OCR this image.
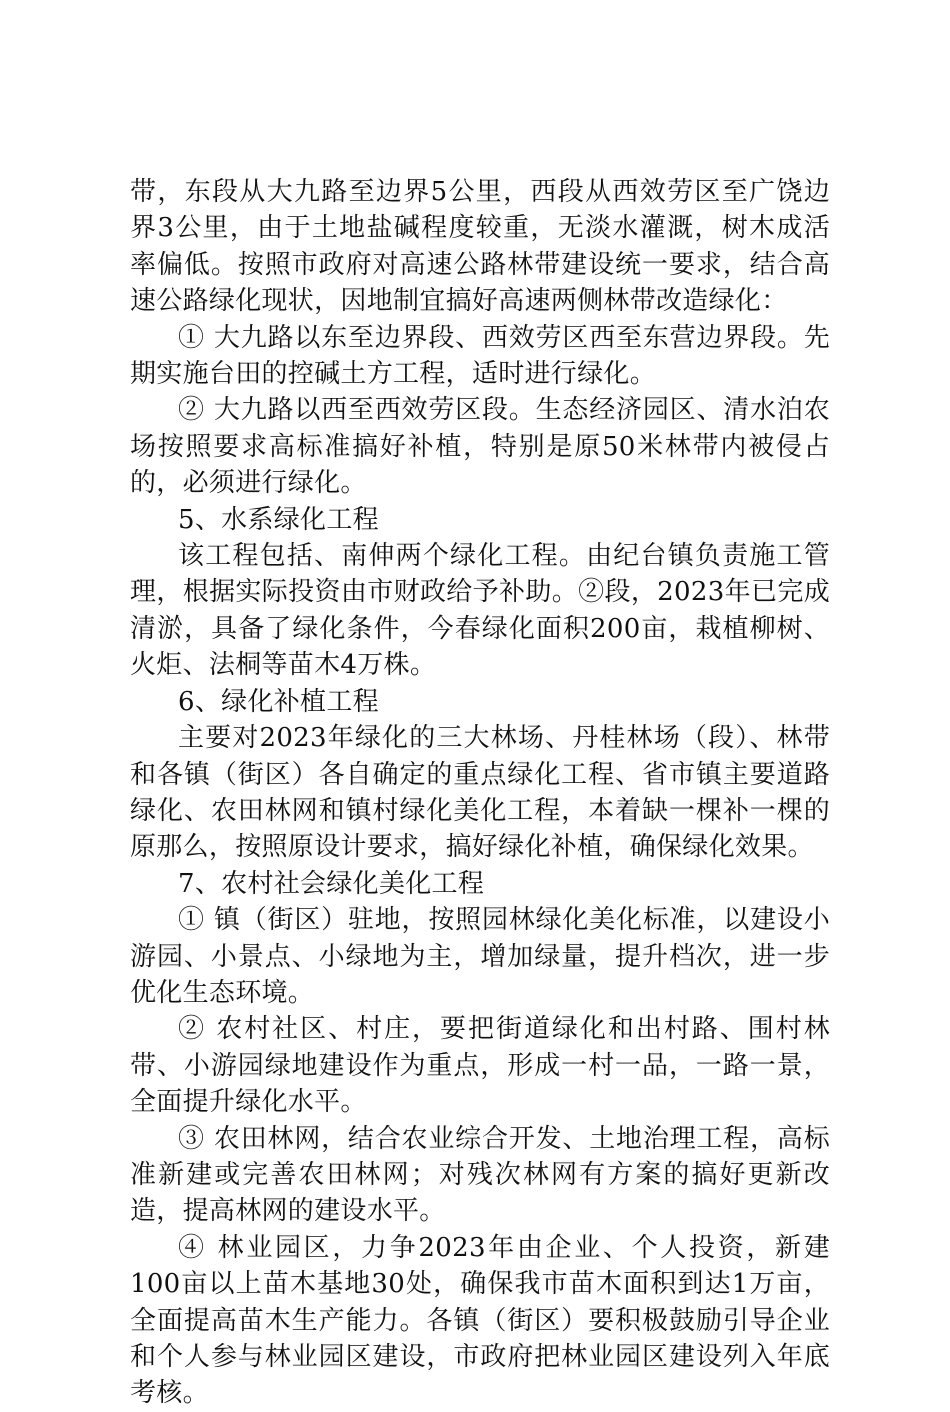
带，东段从大九路至边界5公里，西段从西效劳区至广饶边界3公里，由于土地盐碱程度较重，无淡水灌溉，树木成活率偏低。按照市政府对高速公路林带建设统一要求，结合高速公路绿化现状，因地制宜搞好高速两侧林带改造绿化：

① 大九路以东至边界段、西效劳区西至东营边界段。先期实施台田的控碱土方工程，适时进行绿化。

② 大九路以西至西效劳区段。生态经济园区、清水泊农场按照要求高标准搞好补植，特别是原50米林带内被侵占的，必须进行绿化。

5、水系绿化工程

该工程包括、南伸两个绿化工程。由纪台镇负责施工管理，根据实际投资由市财政给予补助。②段，2023年已完成清淤，具备了绿化条件，今春绿化面积200亩，栽植柳树、火炬、法桐等苗木4万株。

6、绿化补植工程

主要对2023年绿化的三大林场、丹桂林场（段）、林带和各镇（街区）各自确定的重点绿化工程、省市镇主要道路绿化、农田林网和镇村绿化美化工程，本着缺一棵补一棵的原那么，按照原设计要求，搞好绿化补植，确保绿化效果。

7、农村社会绿化美化工程

① 镇（街区）驻地，按照园林绿化美化标准，以建设小游园、小景点、小绿地为主，增加绿量，提升档次，进一步优化生态环境。

② 农村社区、村庄，要把街道绿化和出村路、围村林带、小游园绿地建设作为重点，形成一村一品，一路一景，全面提升绿化水平。

③ 农田林网，结合农业综合开发、土地治理工程，高标准新建或完善农田林网；对残次林网有方案的搞好更新改造，提高林网的建设水平。

④ 林业园区，力争2023年由企业、个人投资，新建100亩以上苗木基地30处，确保我市苗木面积到达1万亩，全面提高苗木生产能力。各镇（街区）要积极鼓励引导企业和个人参与林业园区建设，市政府把林业园区建设列入年底考核。
